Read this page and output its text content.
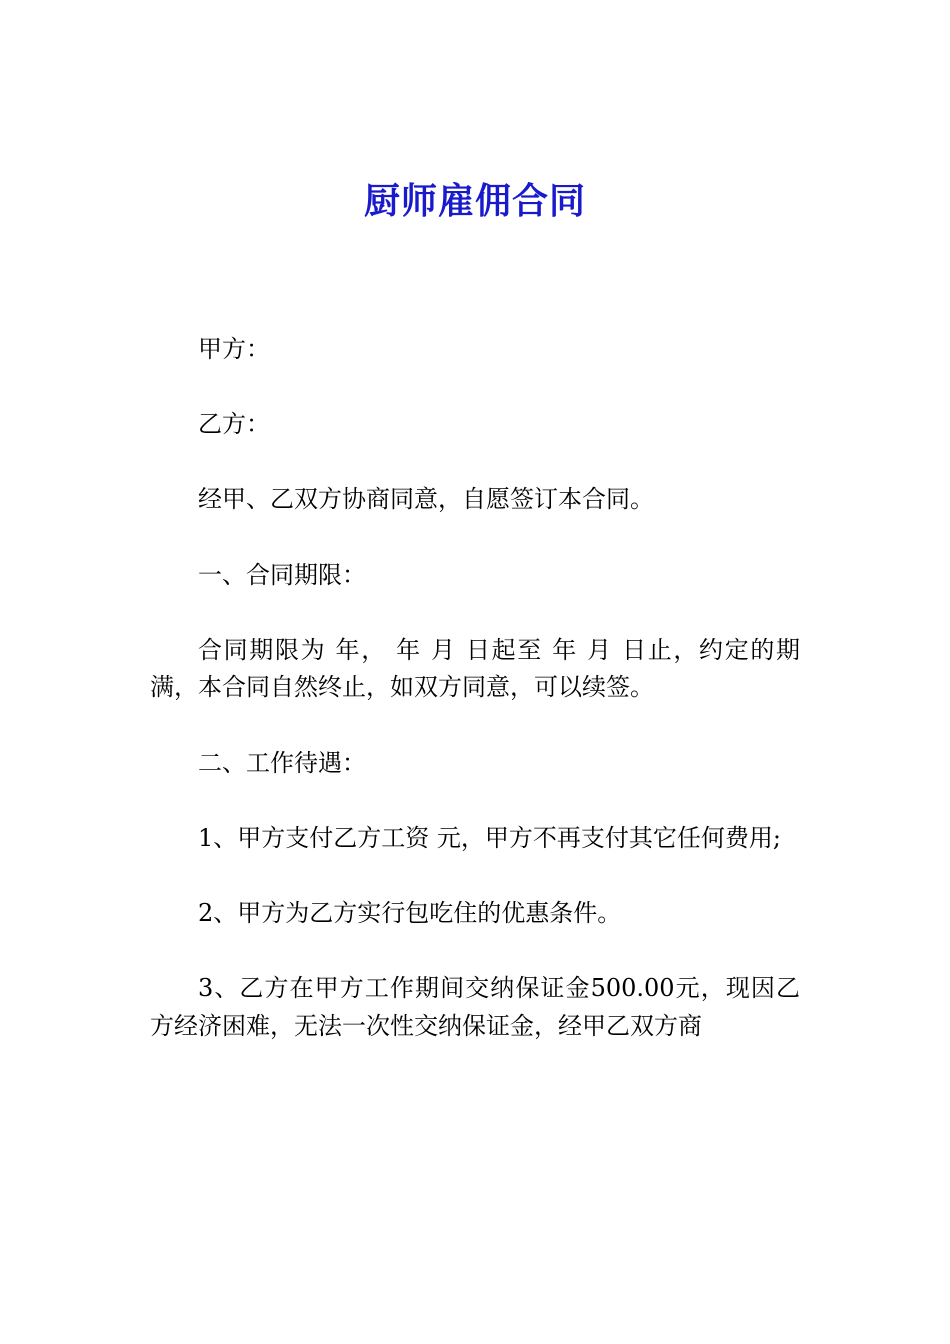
厨师雇佣合同

甲方：

乙方：

经甲、乙双方协商同意，自愿签订本合同。

一、合同期限：

合同期限为 年， 年 月 日起至 年 月 日止，约定的期满，本合同自然终止，如双方同意，可以续签。

二、工作待遇：

1、甲方支付乙方工资 元，甲方不再支付其它任何费用;

2、甲方为乙方实行包吃住的优惠条件。

3、乙方在甲方工作期间交纳保证金500.00元，现因乙方经济困难，无法一次性交纳保证金，经甲乙双方商
